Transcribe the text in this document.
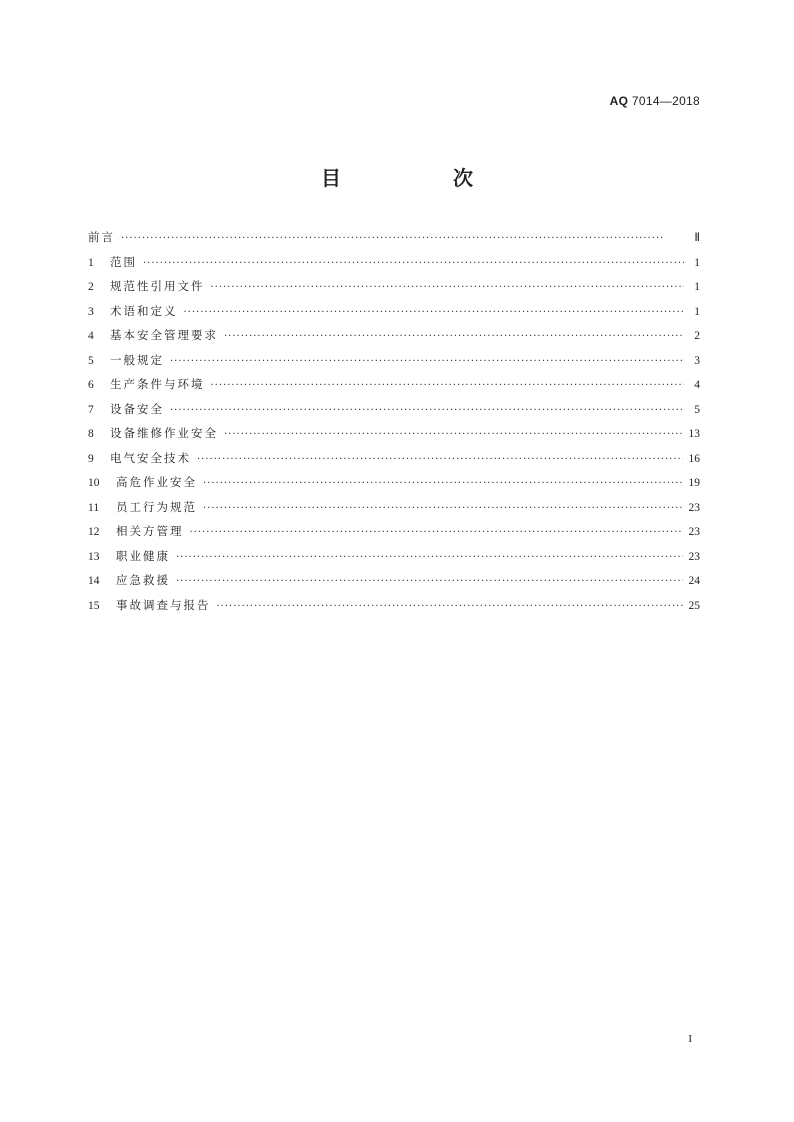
AQ 7014—2018
目　次
前言 ·····	Ⅱ
1 范围 ·····	1
2 规范性引用文件 ·····	1
3 术语和定义 ·····	1
4 基本安全管理要求 ·····	2
5 一般规定 ·····	3
6 生产条件与环境 ·····	4
7 设备安全 ·····	5
8 设备维修作业安全 ·····	13
9 电气安全技术 ·····	16
10 高危作业安全 ·····	19
11 员工行为规范 ·····	23
12 相关方管理 ·····	23
13 职业健康 ·····	23
14 应急救援 ·····	24
15 事故调查与报告 ·····	25
I
